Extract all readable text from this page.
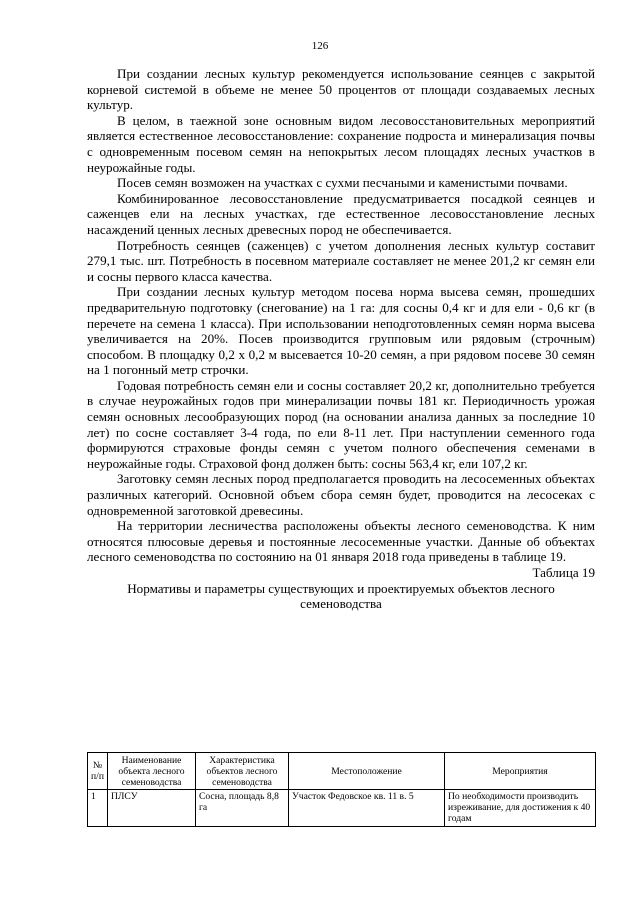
126

При создании лесных культур рекомендуется использование сеянцев с закрытой корневой системой в объеме не менее 50 процентов от площади создаваемых лесных культур.

В целом, в таежной зоне основным видом лесовосстановительных мероприятий является естественное лесовосстановление: сохранение подроста и минерализация почвы с одновременным посевом семян на непокрытых лесом площадях лесных участков в неурожайные годы.

Посев семян возможен на участках с сухми песчаными и каменистыми почвами.

Комбинированное лесовосстановление предусматривается посадкой сеянцев и саженцев ели на лесных участках, где естественное лесовосстановление лесных насаждений ценных лесных древесных пород не обеспечивается.

Потребность сеянцев (саженцев) с учетом дополнения лесных культур составит 279,1 тыс. шт. Потребность в посевном материале составляет не менее 201,2 кг семян ели и сосны первого класса качества.

При создании лесных культур методом посева норма высева семян, прошедших предварительную подготовку (снегование) на 1 га: для сосны 0,4 кг и для ели - 0,6 кг (в перечете на семена 1 класса). При использовании неподготовленных семян норма высева увеличивается на 20%. Посев производится групповым или рядовым (строчным) способом. В площадку 0,2 х 0,2 м высевается 10-20 семян, а при рядовом посеве 30 семян на 1 погонный метр строчки.

Годовая потребность семян ели и сосны составляет 20,2 кг, дополнительно требуется в случае неурожайных годов при минерализации почвы 181 кг. Периодичность урожая семян основных лесообразующих пород (на основании анализа данных за последние 10 лет) по сосне составляет 3-4 года, по ели 8-11 лет. При наступлении семенного года формируются страховые фонды семян с учетом полного обеспечения семенами в неурожайные годы. Страховой фонд должен быть: сосны 563,4 кг, ели 107,2 кг.

Заготовку семян лесных пород предполагается проводить на лесосеменных объектах различных категорий. Основной объем сбора семян будет, проводится на лесосеках с одновременной заготовкой древесины.

На территории лесничества расположены объекты лесного семеноводства. К ним относятся плюсовые деревья и постоянные лесосеменные участки. Данные об объектах лесного семеноводства по состоянию на 01 января 2018 года приведены в таблице 19.

Таблица 19

Нормативы и параметры существующих и проектируемых объектов лесного семеноводства

№ п/п	Наименование объекта лесного семеноводства	Характеристика объектов лесного семеноводства	Местоположение	Мероприятия
1	ПЛСУ	Сосна, площадь 8,8 га	Участок Федовское кв. 11 в. 5	По необходимости производить изреживание, для достижения к 40 годам
